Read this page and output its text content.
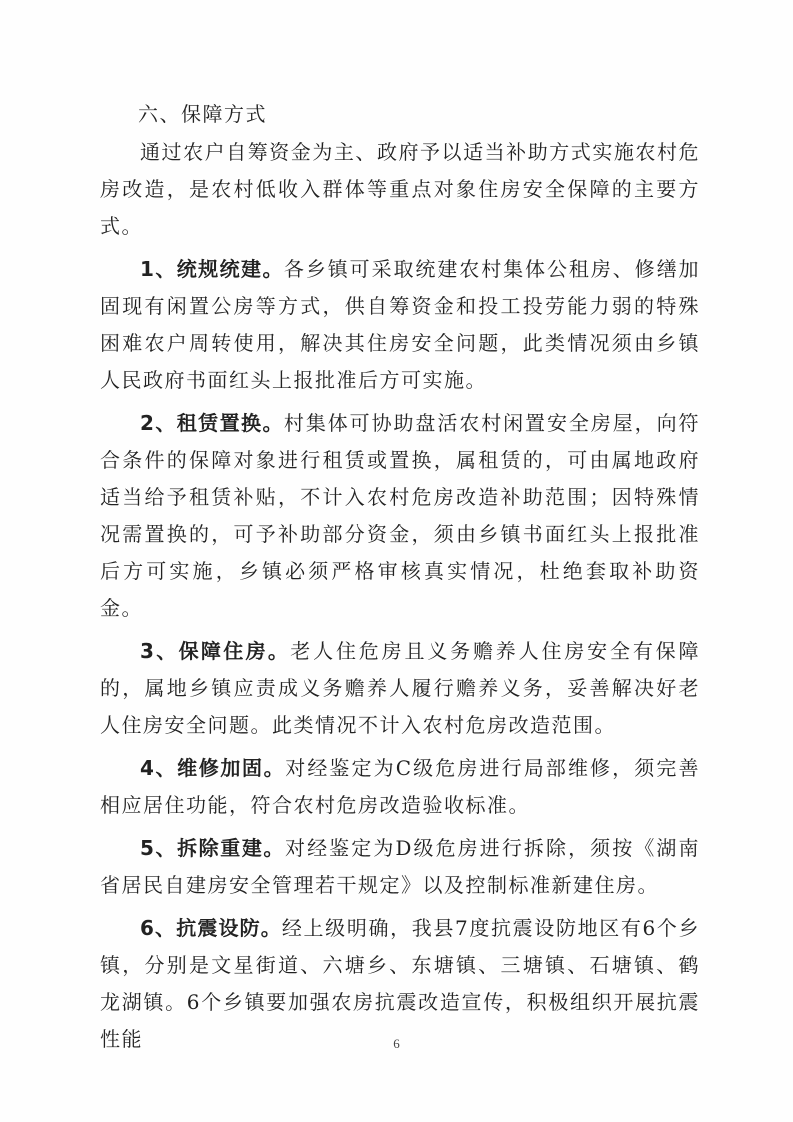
六、保障方式

通过农户自筹资金为主、政府予以适当补助方式实施农村危房改造，是农村低收入群体等重点对象住房安全保障的主要方式。

1、统规统建。各乡镇可采取统建农村集体公租房、修缮加固现有闲置公房等方式，供自筹资金和投工投劳能力弱的特殊困难农户周转使用，解决其住房安全问题，此类情况须由乡镇人民政府书面红头上报批准后方可实施。

2、租赁置换。村集体可协助盘活农村闲置安全房屋，向符合条件的保障对象进行租赁或置换，属租赁的，可由属地政府适当给予租赁补贴，不计入农村危房改造补助范围；因特殊情况需置换的，可予补助部分资金，须由乡镇书面红头上报批准后方可实施，乡镇必须严格审核真实情况，杜绝套取补助资金。

3、保障住房。老人住危房且义务赡养人住房安全有保障的，属地乡镇应责成义务赡养人履行赡养义务，妥善解决好老人住房安全问题。此类情况不计入农村危房改造范围。

4、维修加固。对经鉴定为C级危房进行局部维修，须完善相应居住功能，符合农村危房改造验收标准。

5、拆除重建。对经鉴定为D级危房进行拆除，须按《湖南省居民自建房安全管理若干规定》以及控制标准新建住房。

6、抗震设防。经上级明确，我县7度抗震设防地区有6个乡镇，分别是文星街道、六塘乡、东塘镇、三塘镇、石塘镇、鹤龙湖镇。6个乡镇要加强农房抗震改造宣传，积极组织开展抗震性能	6
